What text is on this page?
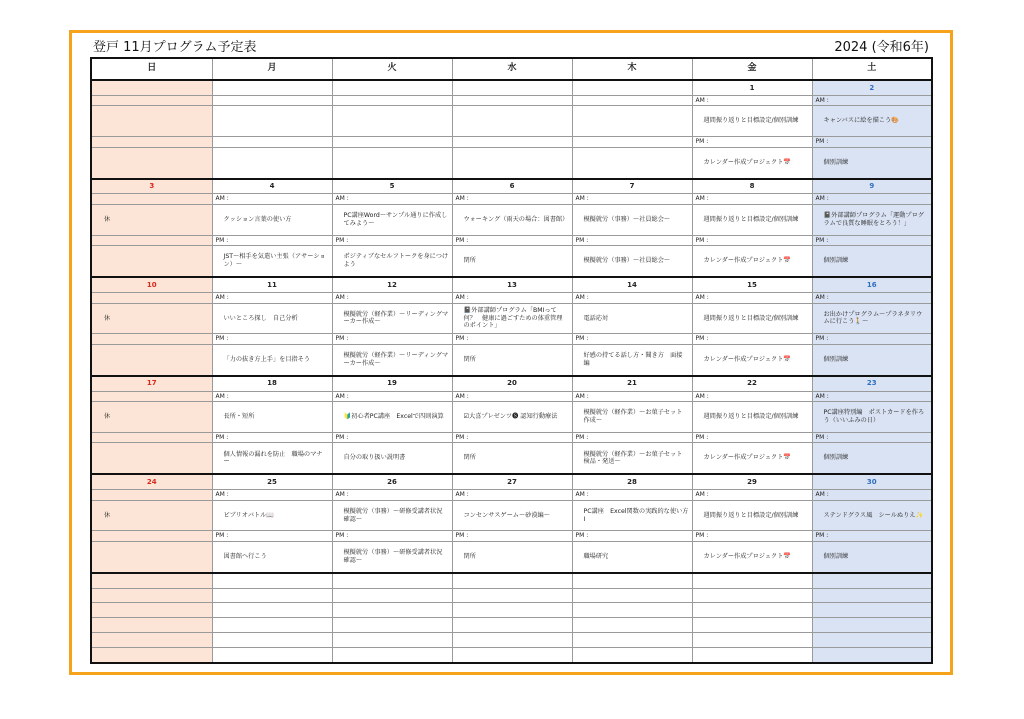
登戸 11月プログラム予定表	2024 (令和6年)
日	月	火	水	木	金	土
					1	2
					AM :	AM :

					週間振り返りと目標設定/個別訓練	キャンバスに絵を描こう🎨

					PM :	PM :

					カレンダー作成プロジェクト📅	個別訓練

3	4	5	6	7	8	9
	AM :	AM :	AM :	AM :	AM :	AM :

休	クッション言葉の使い方	PC講座Word～サンプル通りに作成してみよう～	ウォーキング（雨天の場合：図書館）	模擬就労（事務）～社員総会～	週間振り返りと目標設定/個別訓練	📓外部講師プログラム「運動プログラムで良質な睡眠をとろう！」

	PM :	PM :	PM :	PM :	PM :	PM :

	JST～相手を気遣い主張（アサーション）～	ポジティブなセルフトークを身につけよう	閉所	模擬就労（事務）～社員総会～	カレンダー作成プロジェクト📅	個別訓練

10	11	12	13	14	15	16
	AM :	AM :	AM :	AM :	AM :	AM :

休	いいところ探し　自己分析	模擬就労（軽作業）～リーディングマーカー作成～	📓外部講師プログラム「BMIって何？　健康に過ごすための体重管理のポイント」	電話応対	週間振り返りと目標設定/個別訓練	お出かけプログラム～プラネタリウムに行こう🚶～

	PM :	PM :	PM :	PM :	PM :	PM :

	「力の抜き方上手」を目指そう	模擬就労（軽作業）～リーディングマーカー作成～	閉所	好感の持てる話し方・聞き方　面接編	カレンダー作成プロジェクト📅	個別訓練

17	18	19	20	21	22	23
	AM :	AM :	AM :	AM :	AM :	AM :

休	長所・短所	🔰初心者PC講座　Excelで四則演算	☑大喜プレゼンツ🅢 認知行動療法	模擬就労（軽作業）～お菓子セット作成～	週間振り返りと目標設定/個別訓練	PC講座特別編　ポストカードを作ろう（いいふみの日）

	PM :	PM :	PM :	PM :	PM :	PM :

	個人情報の漏れを防止　職場のマナー	自分の取り扱い説明書	閉所	模擬就労（軽作業）～お菓子セット検品・発送～	カレンダー作成プロジェクト📅	個別訓練

24	25	26	27	28	29	30
	AM :	AM :	AM :	AM :	AM :	AM :

休	ビブリオバトル📖	模擬就労（事務）～研修受講者状況確認～	コンセンサスゲーム～砂漠編～	PC講座　Excel関数の実践的な使い方Ⅰ	週間振り返りと目標設定/個別訓練	ステンドグラス風　シールぬりえ✨

	PM :	PM :	PM :	PM :	PM :	PM :

	図書館へ行こう	模擬就労（事務）～研修受講者状況確認～	閉所	職場研究	カレンダー作成プロジェクト📅	個別訓練
